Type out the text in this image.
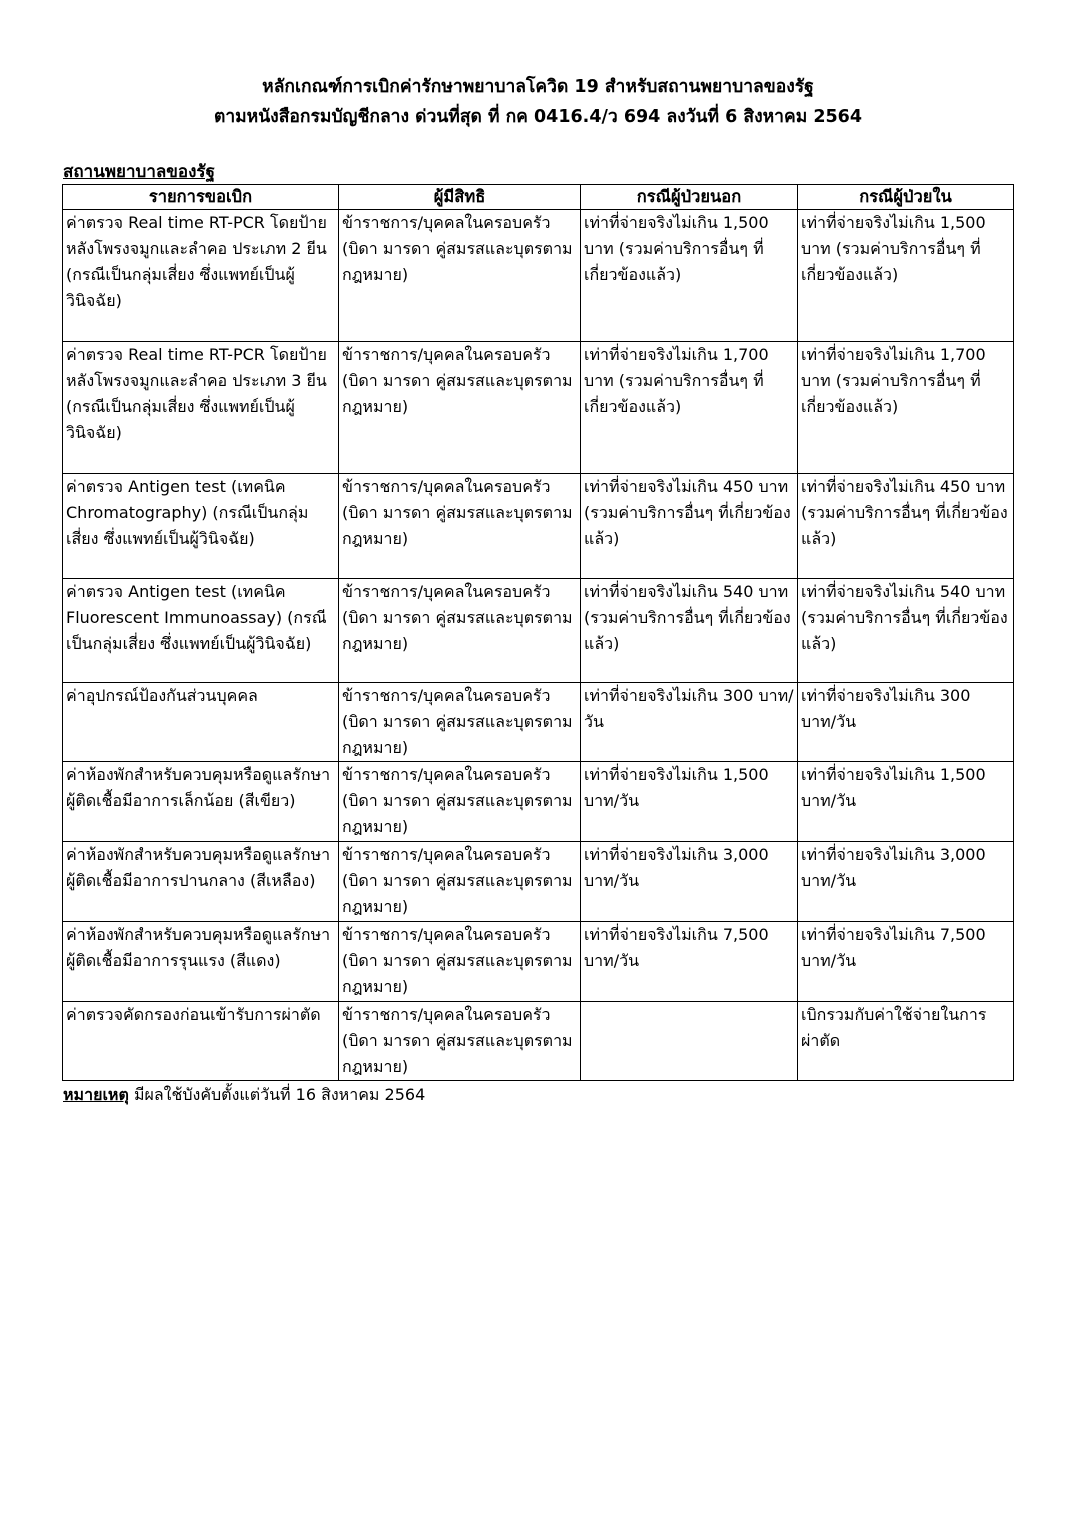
หลักเกณฑ์การเบิกค่ารักษาพยาบาลโควิด 19 สำหรับสถานพยาบาลของรัฐ
ตามหนังสือกรมบัญชีกลาง ด่วนที่สุด ที่ กค 0416.4/ว 694 ลงวันที่ 6 สิงหาคม 2564
สถานพยาบาลของรัฐ
รายการขอเบิก	ผู้มีสิทธิ	กรณีผู้ป่วยนอก	กรณีผู้ป่วยใน
ค่าตรวจ Real time RT-PCR โดยป้ายหลังโพรงจมูกและลำคอ ประเภท 2 ยีน (กรณีเป็นกลุ่มเสี่ยง ซึ่งแพทย์เป็นผู้วินิจฉัย)	ข้าราชการ/บุคคลในครอบครัว (บิดา มารดา คู่สมรสและบุตรตามกฎหมาย)	เท่าที่จ่ายจริงไม่เกิน 1,500 บาท (รวมค่าบริการอื่นๆ ที่เกี่ยวข้องแล้ว)	เท่าที่จ่ายจริงไม่เกิน 1,500 บาท (รวมค่าบริการอื่นๆ ที่เกี่ยวข้องแล้ว)
ค่าตรวจ Real time RT-PCR โดยป้ายหลังโพรงจมูกและลำคอ ประเภท 3 ยีน (กรณีเป็นกลุ่มเสี่ยง ซึ่งแพทย์เป็นผู้วินิจฉัย)	ข้าราชการ/บุคคลในครอบครัว (บิดา มารดา คู่สมรสและบุตรตามกฎหมาย)	เท่าที่จ่ายจริงไม่เกิน 1,700 บาท (รวมค่าบริการอื่นๆ ที่เกี่ยวข้องแล้ว)	เท่าที่จ่ายจริงไม่เกิน 1,700 บาท (รวมค่าบริการอื่นๆ ที่เกี่ยวข้องแล้ว)
ค่าตรวจ Antigen test (เทคนิค Chromatography) (กรณีเป็นกลุ่มเสี่ยง ซึ่งแพทย์เป็นผู้วินิจฉัย)	ข้าราชการ/บุคคลในครอบครัว (บิดา มารดา คู่สมรสและบุตรตามกฎหมาย)	เท่าที่จ่ายจริงไม่เกิน 450 บาท (รวมค่าบริการอื่นๆ ที่เกี่ยวข้องแล้ว)	เท่าที่จ่ายจริงไม่เกิน 450 บาท (รวมค่าบริการอื่นๆ ที่เกี่ยวข้องแล้ว)
ค่าตรวจ Antigen test (เทคนิค Fluorescent Immunoassay) (กรณีเป็นกลุ่มเสี่ยง ซึ่งแพทย์เป็นผู้วินิจฉัย)	ข้าราชการ/บุคคลในครอบครัว (บิดา มารดา คู่สมรสและบุตรตามกฎหมาย)	เท่าที่จ่ายจริงไม่เกิน 540 บาท (รวมค่าบริการอื่นๆ ที่เกี่ยวข้องแล้ว)	เท่าที่จ่ายจริงไม่เกิน 540 บาท (รวมค่าบริการอื่นๆ ที่เกี่ยวข้องแล้ว)
ค่าอุปกรณ์ป้องกันส่วนบุคคล	ข้าราชการ/บุคคลในครอบครัว (บิดา มารดา คู่สมรสและบุตรตามกฎหมาย)	เท่าที่จ่ายจริงไม่เกิน 300 บาท/วัน	เท่าที่จ่ายจริงไม่เกิน 300 บาท/วัน
ค่าห้องพักสำหรับควบคุมหรือดูแลรักษาผู้ติดเชื้อมีอาการเล็กน้อย (สีเขียว)	ข้าราชการ/บุคคลในครอบครัว (บิดา มารดา คู่สมรสและบุตรตามกฎหมาย)	เท่าที่จ่ายจริงไม่เกิน 1,500 บาท/วัน	เท่าที่จ่ายจริงไม่เกิน 1,500 บาท/วัน
ค่าห้องพักสำหรับควบคุมหรือดูแลรักษาผู้ติดเชื้อมีอาการปานกลาง (สีเหลือง)	ข้าราชการ/บุคคลในครอบครัว (บิดา มารดา คู่สมรสและบุตรตามกฎหมาย)	เท่าที่จ่ายจริงไม่เกิน 3,000 บาท/วัน	เท่าที่จ่ายจริงไม่เกิน 3,000 บาท/วัน
ค่าห้องพักสำหรับควบคุมหรือดูแลรักษาผู้ติดเชื้อมีอาการรุนแรง (สีแดง)	ข้าราชการ/บุคคลในครอบครัว (บิดา มารดา คู่สมรสและบุตรตามกฎหมาย)	เท่าที่จ่ายจริงไม่เกิน 7,500 บาท/วัน	เท่าที่จ่ายจริงไม่เกิน 7,500 บาท/วัน
ค่าตรวจคัดกรองก่อนเข้ารับการผ่าตัด	ข้าราชการ/บุคคลในครอบครัว (บิดา มารดา คู่สมรสและบุตรตามกฎหมาย)		เบิกรวมกับค่าใช้จ่ายในการผ่าตัด
หมายเหตุ มีผลใช้บังคับตั้งแต่วันที่ 16 สิงหาคม 2564
